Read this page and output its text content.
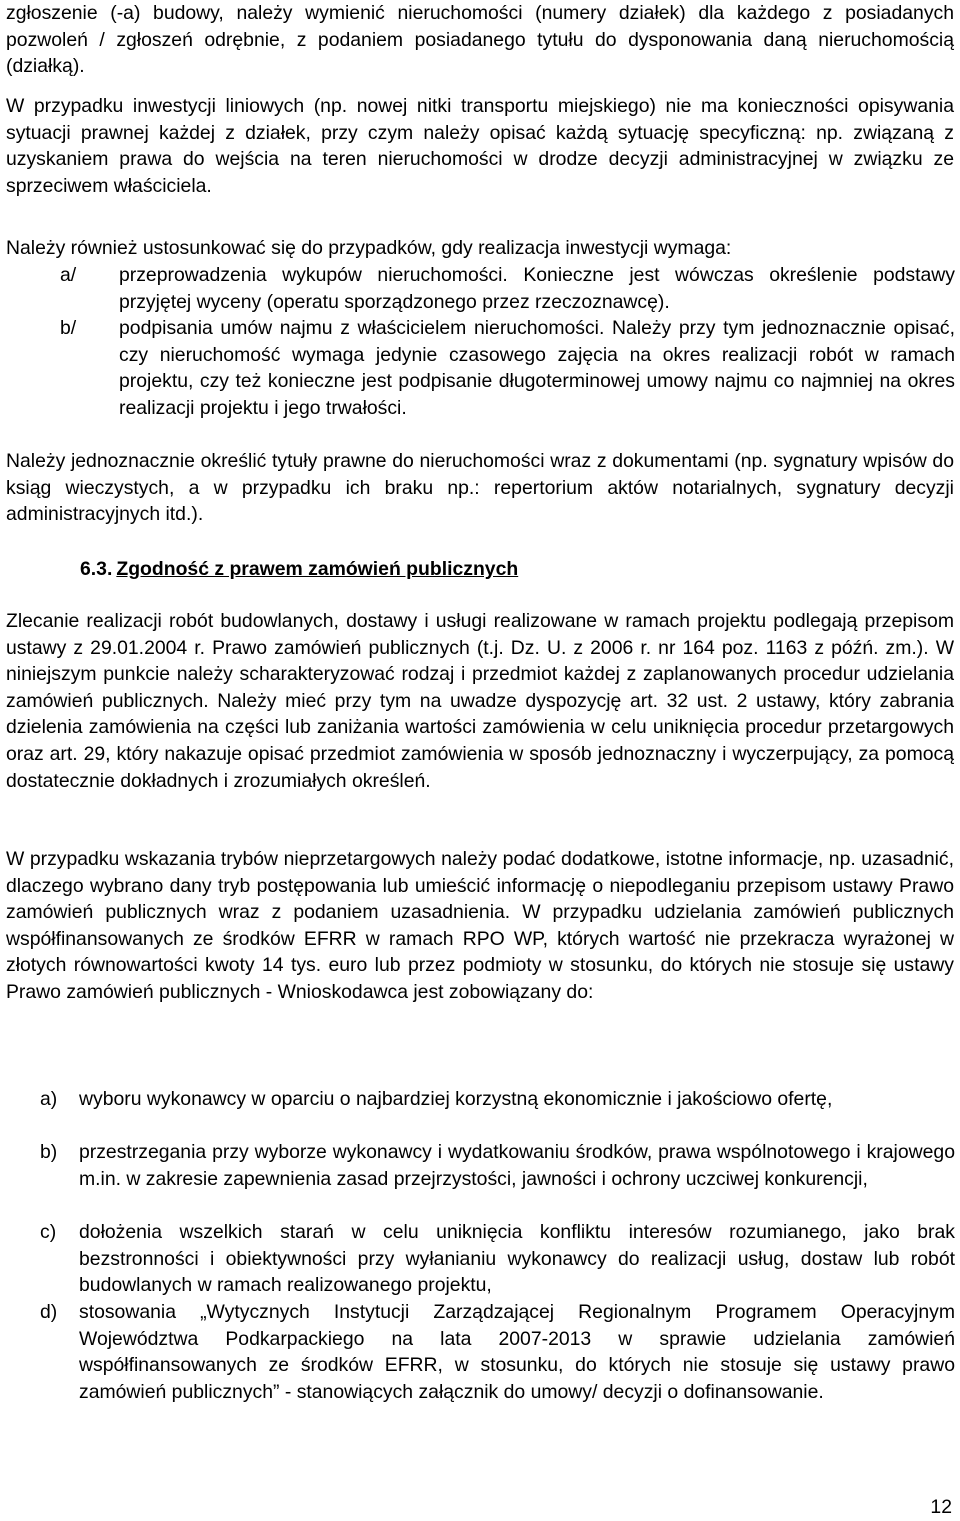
zgłoszenie (-a) budowy, należy wymienić nieruchomości (numery działek) dla każdego z posiadanych pozwoleń / zgłoszeń odrębnie, z podaniem posiadanego tytułu do dysponowania daną nieruchomością (działką).

W przypadku inwestycji liniowych (np. nowej nitki transportu miejskiego) nie ma konieczności opisywania sytuacji prawnej każdej z działek, przy czym należy opisać każdą sytuację specyficzną: np. związaną z uzyskaniem prawa do wejścia na teren nieruchomości w drodze decyzji administracyjnej w związku ze sprzeciwem właściciela.

Należy również ustosunkować się do przypadków, gdy realizacja inwestycji wymaga:

a/	przeprowadzenia wykupów nieruchomości. Konieczne jest wówczas określenie podstawy przyjętej wyceny (operatu sporządzonego przez rzeczoznawcę).

b/	podpisania umów najmu z właścicielem nieruchomości. Należy przy tym jednoznacznie opisać, czy nieruchomość wymaga jedynie czasowego zajęcia na okres realizacji robót w ramach projektu, czy też konieczne jest podpisanie długoterminowej umowy najmu co najmniej na okres realizacji projektu i jego trwałości.

Należy jednoznacznie określić tytuły prawne do nieruchomości wraz z dokumentami (np. sygnatury wpisów do ksiąg wieczystych, a w przypadku ich braku np.: repertorium aktów notarialnych, sygnatury decyzji administracyjnych itd.).

6.3. Zgodność z prawem zamówień publicznych

Zlecanie realizacji robót budowlanych, dostawy i usługi realizowane w ramach projektu podlegają przepisom ustawy z 29.01.2004 r. Prawo zamówień publicznych (t.j. Dz. U. z 2006 r. nr 164 poz. 1163 z późń. zm.). W niniejszym punkcie należy scharakteryzować rodzaj i przedmiot każdej z zaplanowanych procedur udzielania zamówień publicznych. Należy mieć przy tym na uwadze dyspozycję art. 32 ust. 2 ustawy, który zabrania dzielenia zamówienia na części lub zaniżania wartości zamówienia w celu uniknięcia procedur przetargowych oraz art. 29, który nakazuje opisać przedmiot zamówienia w sposób jednoznaczny i wyczerpujący, za pomocą dostatecznie dokładnych i zrozumiałych określeń.

W przypadku wskazania trybów nieprzetargowych należy podać dodatkowe, istotne informacje, np. uzasadnić, dlaczego wybrano dany tryb postępowania lub umieścić informację o niepodleganiu przepisom ustawy Prawo zamówień publicznych wraz z podaniem uzasadnienia. W przypadku udzielania zamówień publicznych współfinansowanych ze środków EFRR w ramach RPO WP, których wartość nie przekracza wyrażonej w złotych równowartości kwoty 14 tys. euro lub przez podmioty w stosunku, do których nie stosuje się ustawy Prawo zamówień publicznych - Wnioskodawca jest zobowiązany do:

a)	wyboru wykonawcy w oparciu o najbardziej korzystną ekonomicznie i jakościowo ofertę,

b)	przestrzegania przy wyborze wykonawcy i wydatkowaniu środków, prawa wspólnotowego i krajowego m.in. w zakresie zapewnienia zasad przejrzystości, jawności i ochrony uczciwej konkurencji,

c)	dołożenia wszelkich starań w celu uniknięcia konfliktu interesów rozumianego, jako brak bezstronności i obiektywności przy wyłanianiu wykonawcy do realizacji usług, dostaw lub robót budowlanych w ramach realizowanego projektu,

d)	stosowania „Wytycznych Instytucji Zarządzającej Regionalnym Programem Operacyjnym Województwa Podkarpackiego na lata 2007-2013 w sprawie udzielania zamówień współfinansowanych ze środków EFRR, w stosunku, do których nie stosuje się ustawy prawo zamówień publicznych” - stanowiących załącznik do umowy/ decyzji o dofinansowanie.

12
